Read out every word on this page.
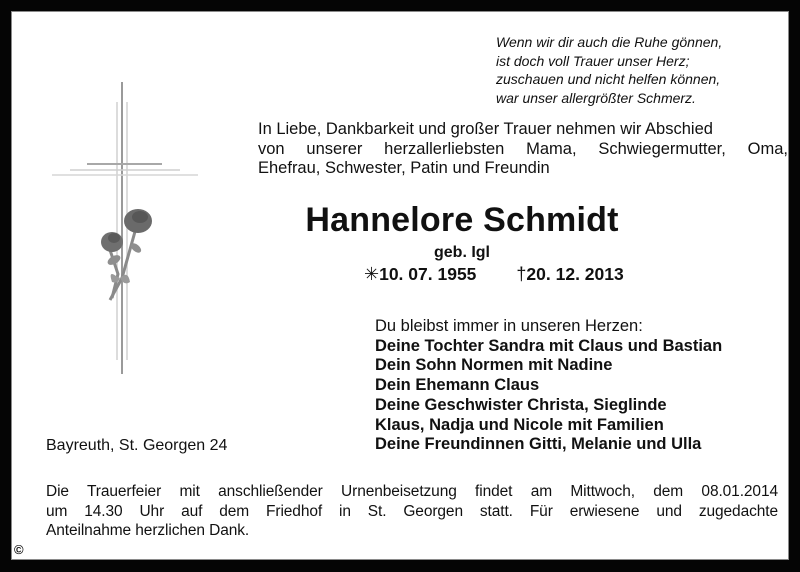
Wenn wir dir auch die Ruhe gönnen,
ist doch voll Trauer unser Herz;
zuschauen und nicht helfen können,
war unser allergrößter Schmerz.
In Liebe, Dankbarkeit und großer Trauer nehmen wir Abschied
von unserer herzallerliebsten Mama, Schwiegermutter, Oma,
Ehefrau, Schwester, Patin und Freundin
Hannelore Schmidt
geb. Igl
✳10. 07. 1955 †20. 12. 2013
Du bleibst immer in unseren Herzen:
Deine Tochter Sandra mit Claus und Bastian
Dein Sohn Normen mit Nadine
Dein Ehemann Claus
Deine Geschwister Christa, Sieglinde
Klaus, Nadja und Nicole mit Familien
Deine Freundinnen Gitti, Melanie und Ulla
Bayreuth, St. Georgen 24
Die Trauerfeier mit anschließender Urnenbeisetzung findet am Mittwoch, dem 08.01.2014
um 14.30 Uhr auf dem Friedhof in St. Georgen statt. Für erwiesene und zugedachte
Anteilnahme herzlichen Dank.
©
